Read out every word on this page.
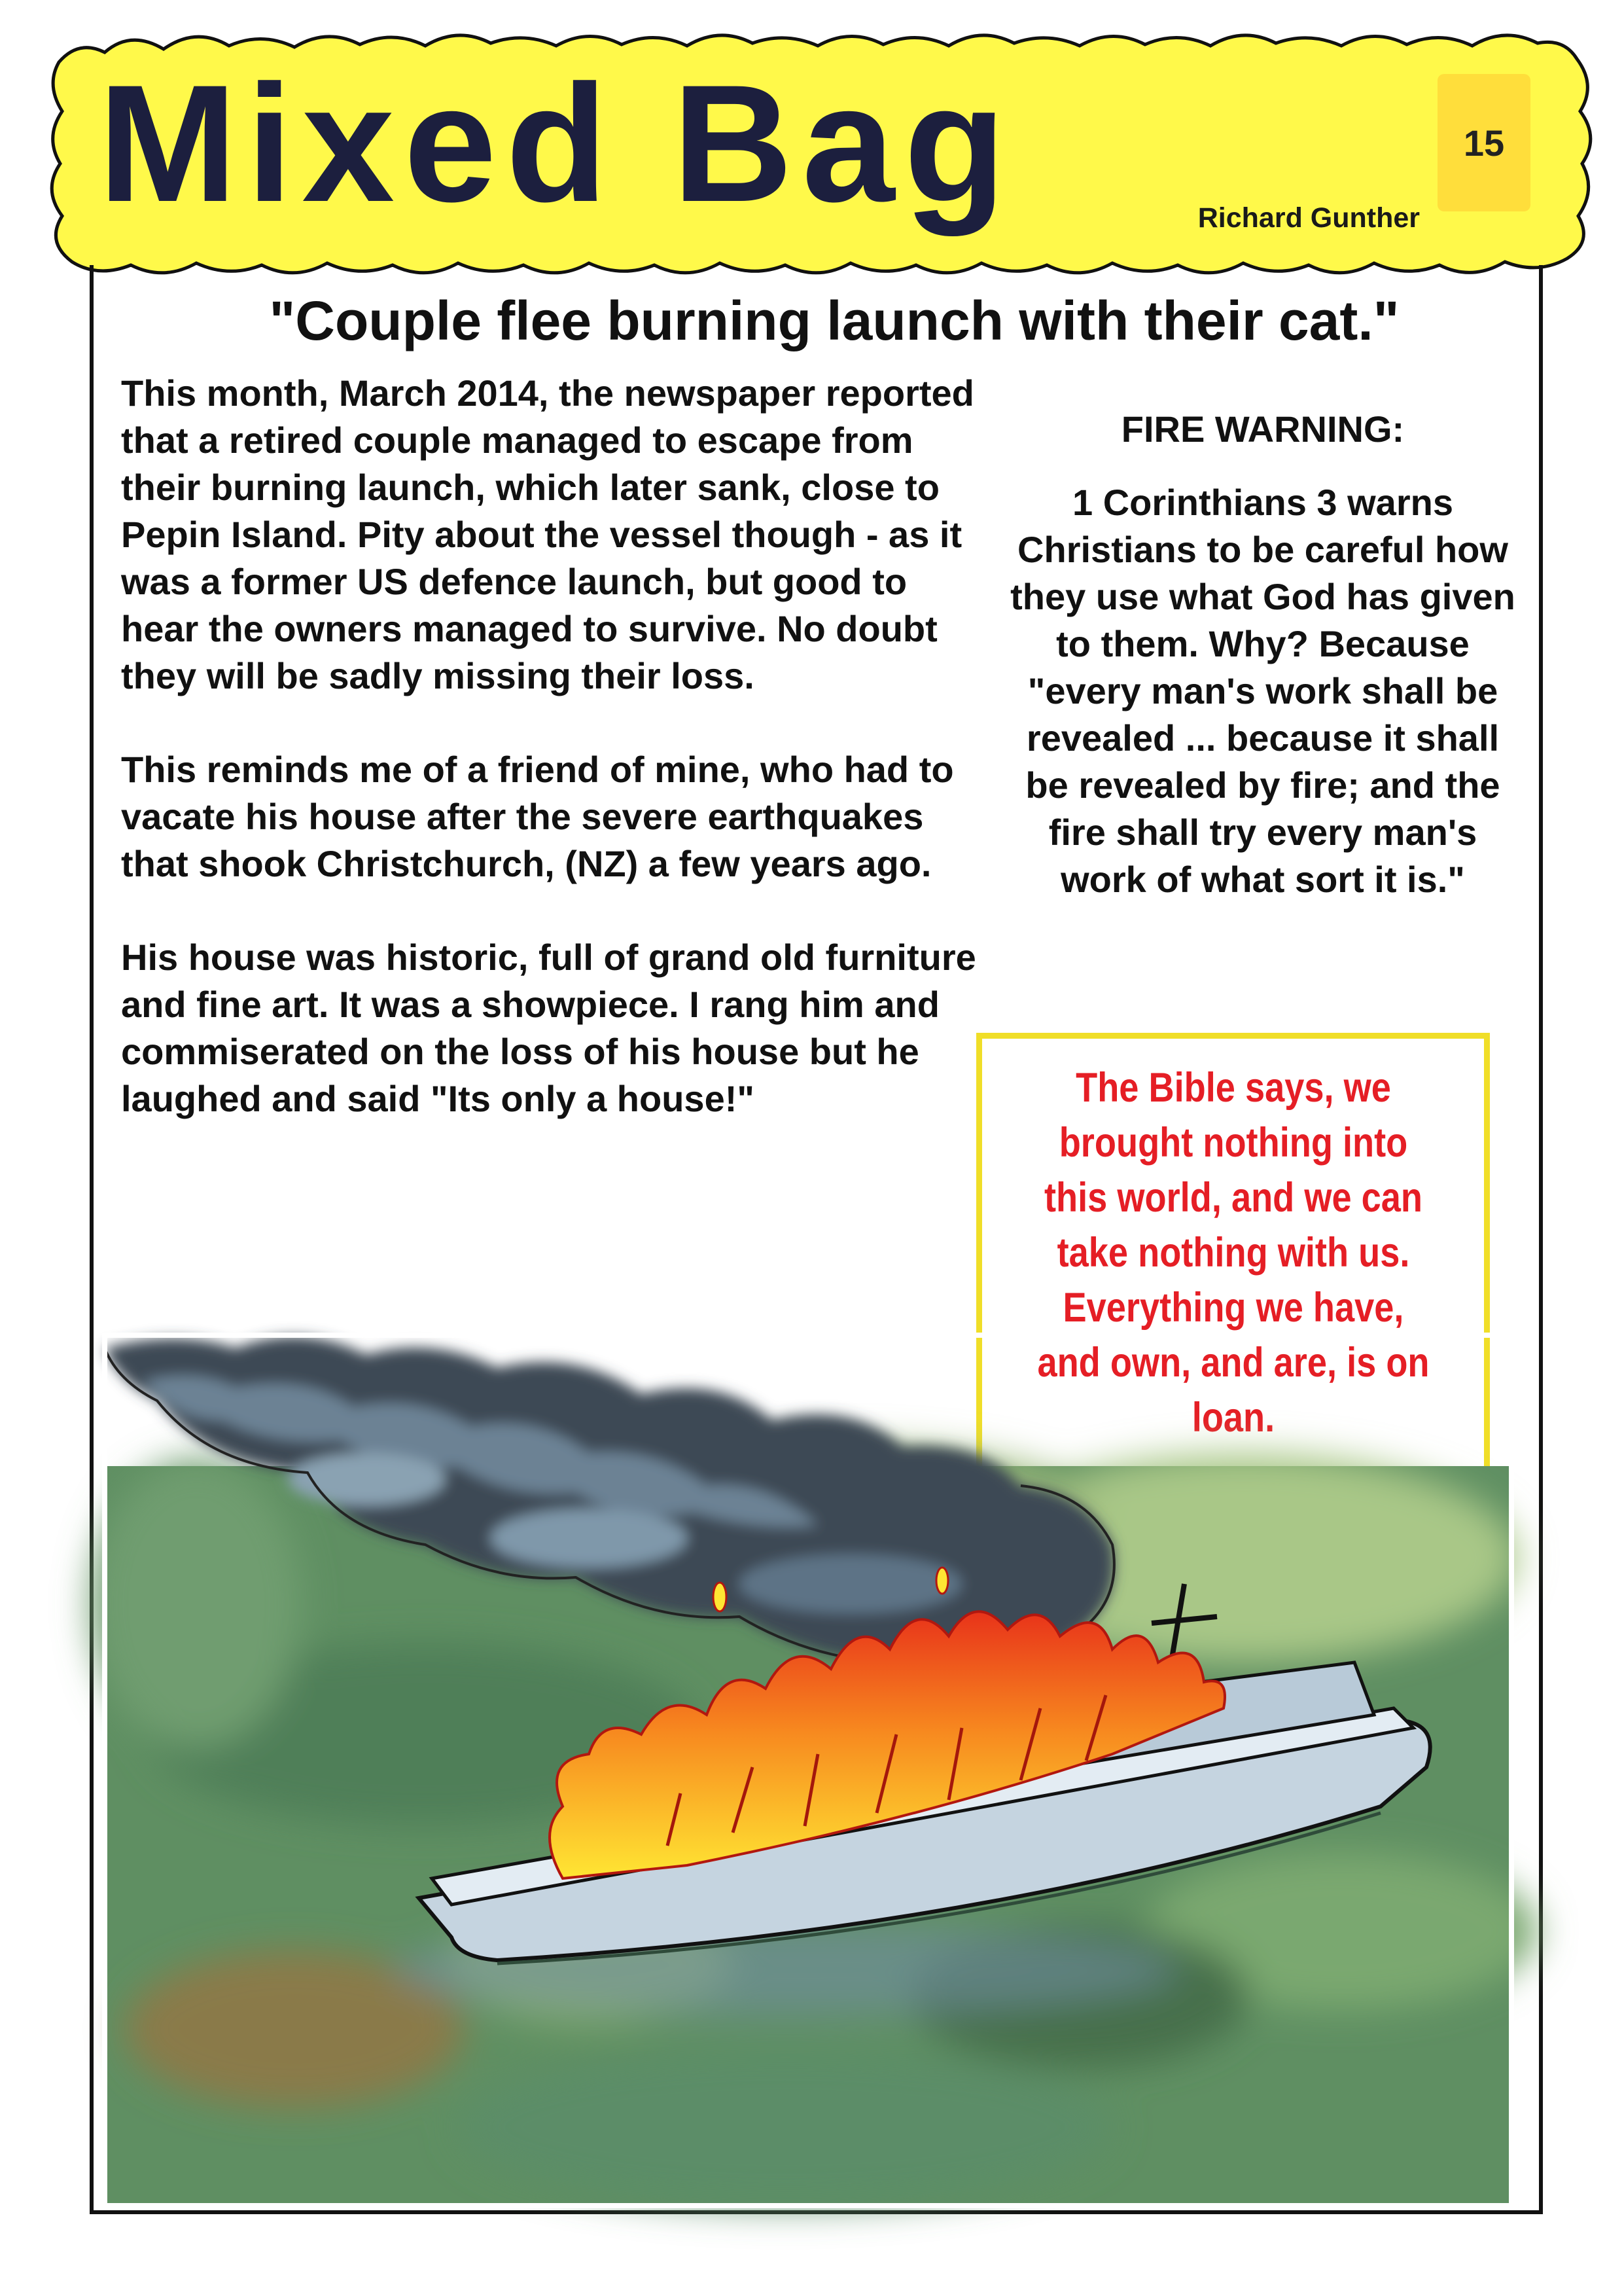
Mixed Bag	15
Richard Gunther
"Couple flee burning launch with their cat."

This month, March 2014, the newspaper reported that a retired couple managed to escape from their burning launch, which later sank, close to Pepin Island. Pity about the vessel though - as it was a former US defence launch, but good to hear the owners managed to survive. No doubt they will be sadly missing their loss.

This reminds me of a friend of mine, who had to vacate his house after the severe earthquakes that shook Christchurch, (NZ) a few years ago.

His house was historic, full of grand old furniture and fine art. It was a showpiece. I rang him and commiserated on the loss of his house but he laughed and said "Its only a house!"

FIRE WARNING:

1 Corinthians 3 warns Christians to be careful how they use what God has given to them. Why? Because "every man's work shall be revealed ... because it shall be revealed by fire; and the fire shall try every man's work of what sort it is."

The Bible says, we brought nothing into this world, and we can take nothing with us. Everything we have, and own, and are, is on loan.
